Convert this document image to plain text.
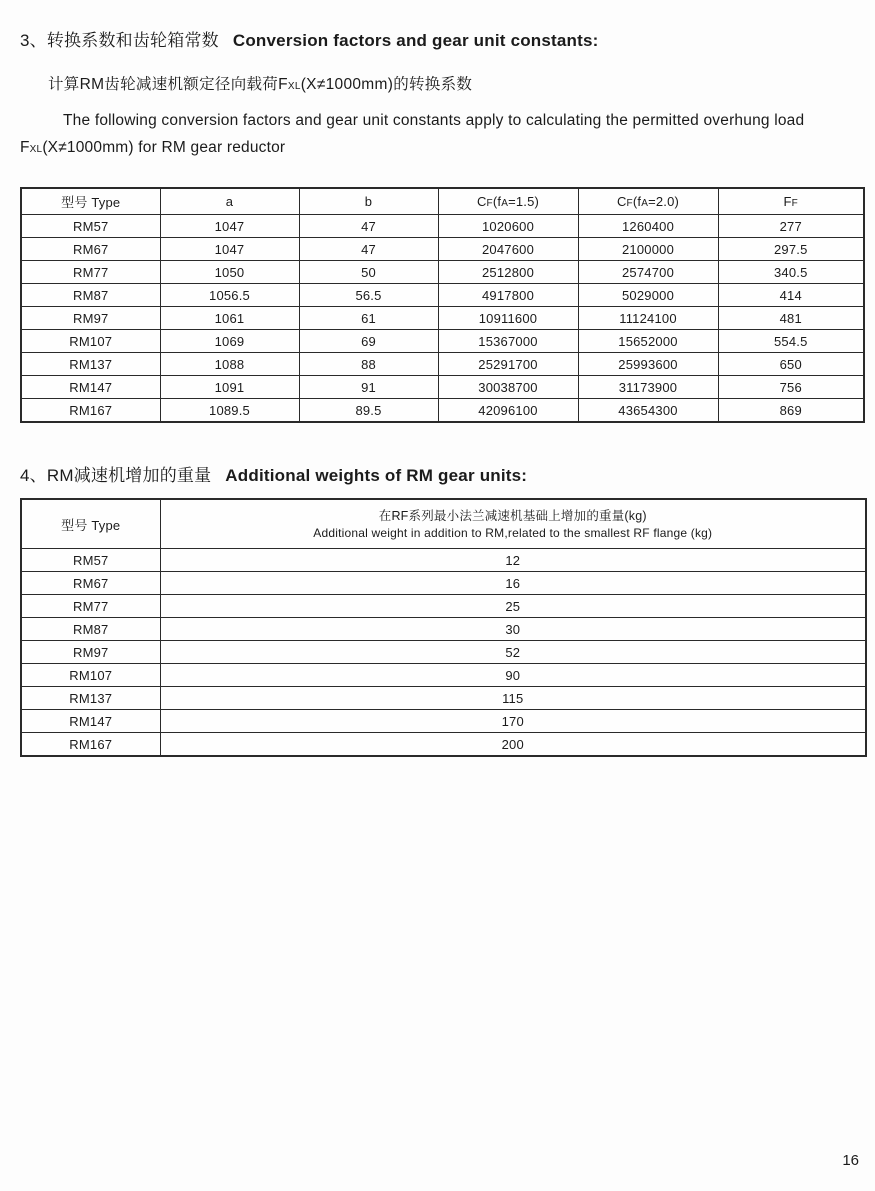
3、转换系数和齿轮箱常数 Conversion factors and gear unit constants:

计算RM齿轮减速机额定径向载荷FXL(X≠1000mm)的转换系数

The following conversion factors and gear unit constants apply to calculating the permitted overhung load
FXL(X≠1000mm) for RM gear reductor

型号 Type	a	b	CF(fA=1.5)	CF(fA=2.0)	FF
RM57	1047	47	1020600	1260400	277
RM67	1047	47	2047600	2100000	297.5
RM77	1050	50	2512800	2574700	340.5
RM87	1056.5	56.5	4917800	5029000	414
RM97	1061	61	10911600	11124100	481
RM107	1069	69	15367000	15652000	554.5
RM137	1088	88	25291700	25993600	650
RM147	1091	91	30038700	31173900	756
RM167	1089.5	89.5	42096100	43654300	869
4、RM减速机增加的重量 Additional weights of RM gear units:
型号 Type	在RF系列最小法兰减速机基础上增加的重量(kg)
Additional weight in addition to RM,related to the smallest RF flange (kg)

RM57	12
RM67	16
RM77	25
RM87	30
RM97	52
RM107	90
RM137	115
RM147	170
RM167	200
16
